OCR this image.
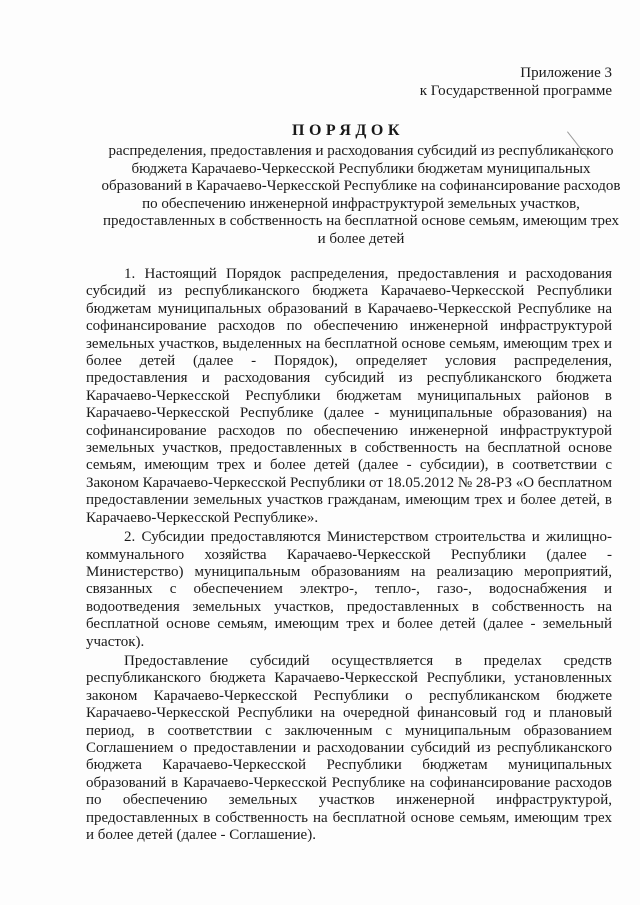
Приложение 3
к Государственной программе
ПОРЯДОК
распределения, предоставления и расходования субсидий из республиканского бюджета Карачаево-Черкесской Республики бюджетам муниципальных образований в Карачаево-Черкесской Республике на софинансирование расходов по обеспечению инженерной инфраструктурой земельных участков, предоставленных в собственность на бесплатной основе семьям, имеющим трех и более детей

1. Настоящий Порядок распределения, предоставления и расходования субсидий из республиканского бюджета Карачаево-Черкесской Республики бюджетам муниципальных образований в Карачаево-Черкесской Республике на софинансирование расходов по обеспечению инженерной инфраструктурой земельных участков, выделенных на бесплатной основе семьям, имеющим трех и более детей (далее - Порядок), определяет условия распределения, предоставления и расходования субсидий из республиканского бюджета Карачаево-Черкесской Республики бюджетам муниципальных районов в Карачаево-Черкесской Республике (далее - муниципальные образования) на софинансирование расходов по обеспечению инженерной инфраструктурой земельных участков, предоставленных в собственность на бесплатной основе семьям, имеющим трех и более детей (далее - субсидии), в соответствии с Законом Карачаево-Черкесской Республики от 18.05.2012 № 28-РЗ «О бесплатном предоставлении земельных участков гражданам, имеющим трех и более детей, в Карачаево-Черкесской Республике».

2. Субсидии предоставляются Министерством строительства и жилищно-коммунального хозяйства Карачаево-Черкесской Республики (далее - Министерство) муниципальным образованиям на реализацию мероприятий, связанных с обеспечением электро-, тепло-, газо-, водоснабжения и водоотведения земельных участков, предоставленных в собственность на бесплатной основе семьям, имеющим трех и более детей (далее - земельный участок).

Предоставление субсидий осуществляется в пределах средств республиканского бюджета Карачаево-Черкесской Республики, установленных законом Карачаево-Черкесской Республики о республиканском бюджете Карачаево-Черкесской Республики на очередной финансовый год и плановый период, в соответствии с заключенным с муниципальным образованием Соглашением о предоставлении и расходовании субсидий из республиканского бюджета Карачаево-Черкесской Республики бюджетам муниципальных образований в Карачаево-Черкесской Республике на софинансирование расходов по обеспечению земельных участков инженерной инфраструктурой, предоставленных в собственность на бесплатной основе семьям, имеющим трех и более детей (далее - Соглашение).
